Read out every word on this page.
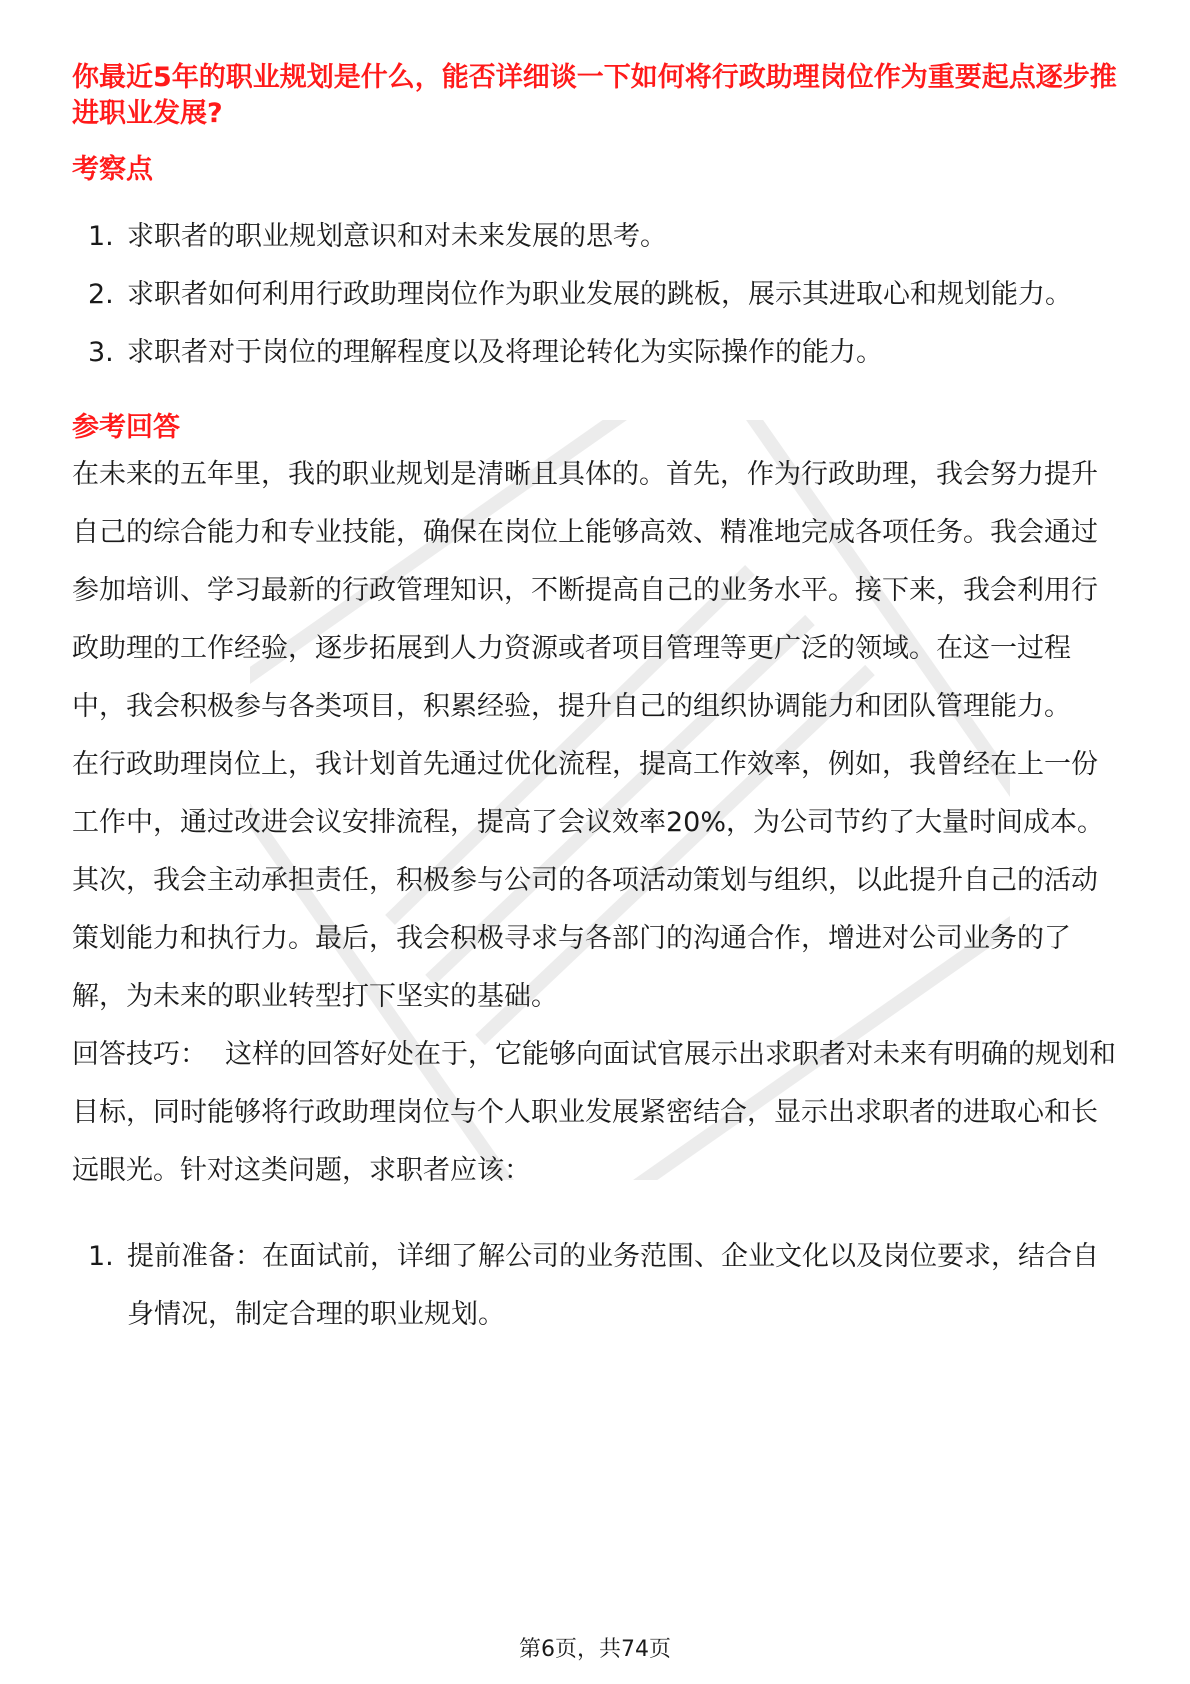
你最近5年的职业规划是什么，能否详细谈一下如何将行政助理岗位作为重要起点逐步推进职业发展?
考察点
1. 求职者的职业规划意识和对未来发展的思考。
2. 求职者如何利用行政助理岗位作为职业发展的跳板，展示其进取心和规划能力。
3. 求职者对于岗位的理解程度以及将理论转化为实际操作的能力。
参考回答

在未来的五年里，我的职业规划是清晰且具体的。首先，作为行政助理，我会努力提升自己的综合能力和专业技能，确保在岗位上能够高效、精准地完成各项任务。我会通过参加培训、学习最新的行政管理知识，不断提高自己的业务水平。接下来，我会利用行政助理的工作经验，逐步拓展到人力资源或者项目管理等更广泛的领域。在这一过程中，我会积极参与各类项目，积累经验，提升自己的组织协调能力和团队管理能力。

在行政助理岗位上，我计划首先通过优化流程，提高工作效率，例如，我曾经在上一份工作中，通过改进会议安排流程，提高了会议效率20%，为公司节约了大量时间成本。其次，我会主动承担责任，积极参与公司的各项活动策划与组织，以此提升自己的活动策划能力和执行力。最后，我会积极寻求与各部门的沟通合作，增进对公司业务的了解，为未来的职业转型打下坚实的基础。

回答技巧： 这样的回答好处在于，它能够向面试官展示出求职者对未来有明确的规划和目标，同时能够将行政助理岗位与个人职业发展紧密结合，显示出求职者的进取心和长远眼光。针对这类问题，求职者应该：

1. 提前准备：在面试前，详细了解公司的业务范围、企业文化以及岗位要求，结合自身情况，制定合理的职业规划。
第6页，共74页
